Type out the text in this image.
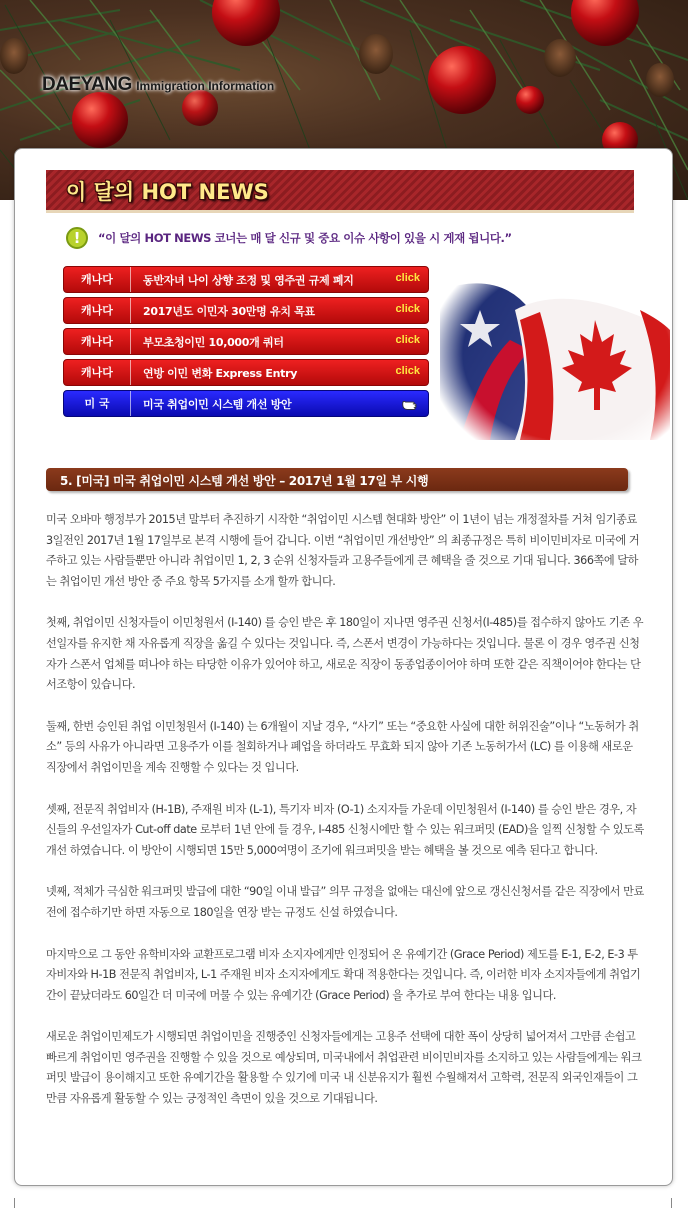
DAEYANG Immigration Information
이 달의 HOT NEWS
!	“이 달의 HOT NEWS 코너는 매 달 신규 및 중요 이슈 사항이 있을 시 게재 됩니다.”
캐나다	동반자녀 나이 상향 조정 및 영주권 규제 폐지	click
캐나다	2017년도 이민자 30만명 유치 목표	click
캐나다	부모초청이민 10,000개 쿼터	click
캐나다	연방 이민 변화 Express Entry	click
미 국	미국 취업이민 시스템 개선 방안
5. [미국] 미국 취업이민 시스템 개선 방안 – 2017년 1월 17일 부 시행

미국 오바마 행정부가 2015년 말부터 추진하기 시작한 “취업이민 시스템 현대화 방안” 이 1년이 넘는 개정절차를 거쳐 임기종료 3일전인 2017년 1월 17일부로 본격 시행에 들어 갑니다. 이번 “취업이민 개선방안” 의 최종규정은 특히 비이민비자로 미국에 거주하고 있는 사람들뿐만 아니라 취업이민 1, 2, 3 순위 신청자들과 고용주들에게 큰 혜택을 줄 것으로 기대 됩니다. 366쪽에 달하는 취업이민 개선 방안 중 주요 항목 5가지를 소개 할까 합니다.

첫째, 취업이민 신청자들이 이민청원서 (I-140) 를 승인 받은 후 180일이 지나면 영주권 신청서(I-485)를 접수하지 않아도 기존 우선일자를 유지한 채 자유롭게 직장을 옮길 수 있다는 것입니다. 즉, 스폰서 변경이 가능하다는 것입니다. 물론 이 경우 영주권 신청자가 스폰서 업체를 떠나야 하는 타당한 이유가 있어야 하고, 새로운 직장이 동종업종이어야 하며 또한 같은 직책이어야 한다는 단서조항이 있습니다.

둘째, 한번 승인된 취업 이민청원서 (I-140) 는 6개월이 지날 경우, “사기” 또는 “중요한 사실에 대한 허위진술”이나 “노동허가 취소” 등의 사유가 아니라면 고용주가 이를 철회하거나 폐업을 하더라도 무효화 되지 않아 기존 노동허가서 (LC) 를 이용해 새로운 직장에서 취업이민을 계속 진행할 수 있다는 것 입니다.

셋째, 전문직 취업비자 (H-1B), 주재원 비자 (L-1), 특기자 비자 (O-1) 소지자들 가운데 이민청원서 (I-140) 를 승인 받은 경우, 자신들의 우선일자가 Cut-off date 로부터 1년 안에 들 경우, I-485 신청시에만 할 수 있는 워크퍼밋 (EAD)을 일찍 신청할 수 있도록 개선 하였습니다. 이 방안이 시행되면 15만 5,000여명이 조기에 워크퍼밋을 받는 혜택을 볼 것으로 예측 된다고 합니다.

넷째, 적체가 극심한 워크퍼밋 발급에 대한 “90일 이내 발급” 의무 규정을 없애는 대신에 앞으로 갱신신청서를 같은 직장에서 만료 전에 접수하기만 하면 자동으로 180일을 연장 받는 규정도 신설 하였습니다.

마지막으로 그 동안 유학비자와 교환프로그램 비자 소지자에게만 인정되어 온 유예기간 (Grace Period) 제도를 E-1, E-2, E-3 투자비자와 H-1B 전문직 취업비자, L-1 주재원 비자 소지자에게도 확대 적용한다는 것입니다. 즉, 이러한 비자 소지자들에게 취업기간이 끝났더라도 60일간 더 미국에 머물 수 있는 유예기간 (Grace Period) 을 추가로 부여 한다는 내용 입니다.

새로운 취업이민제도가 시행되면 취업이민을 진행중인 신청자들에게는 고용주 선택에 대한 폭이 상당히 넓어져서 그만큼 손쉽고 빠르게 취업이민 영주권을 진행할 수 있을 것으로 예상되며, 미국내에서 취업관련 비이민비자를 소지하고 있는 사람들에게는 워크 퍼밋 발급이 용이해지고 또한 유예기간을 활용할 수 있기에 미국 내 신분유지가 훨씬 수월해져서 고학력, 전문직 외국인재들이 그만큼 자유롭게 활동할 수 있는 긍정적인 측면이 있을 것으로 기대됩니다.
